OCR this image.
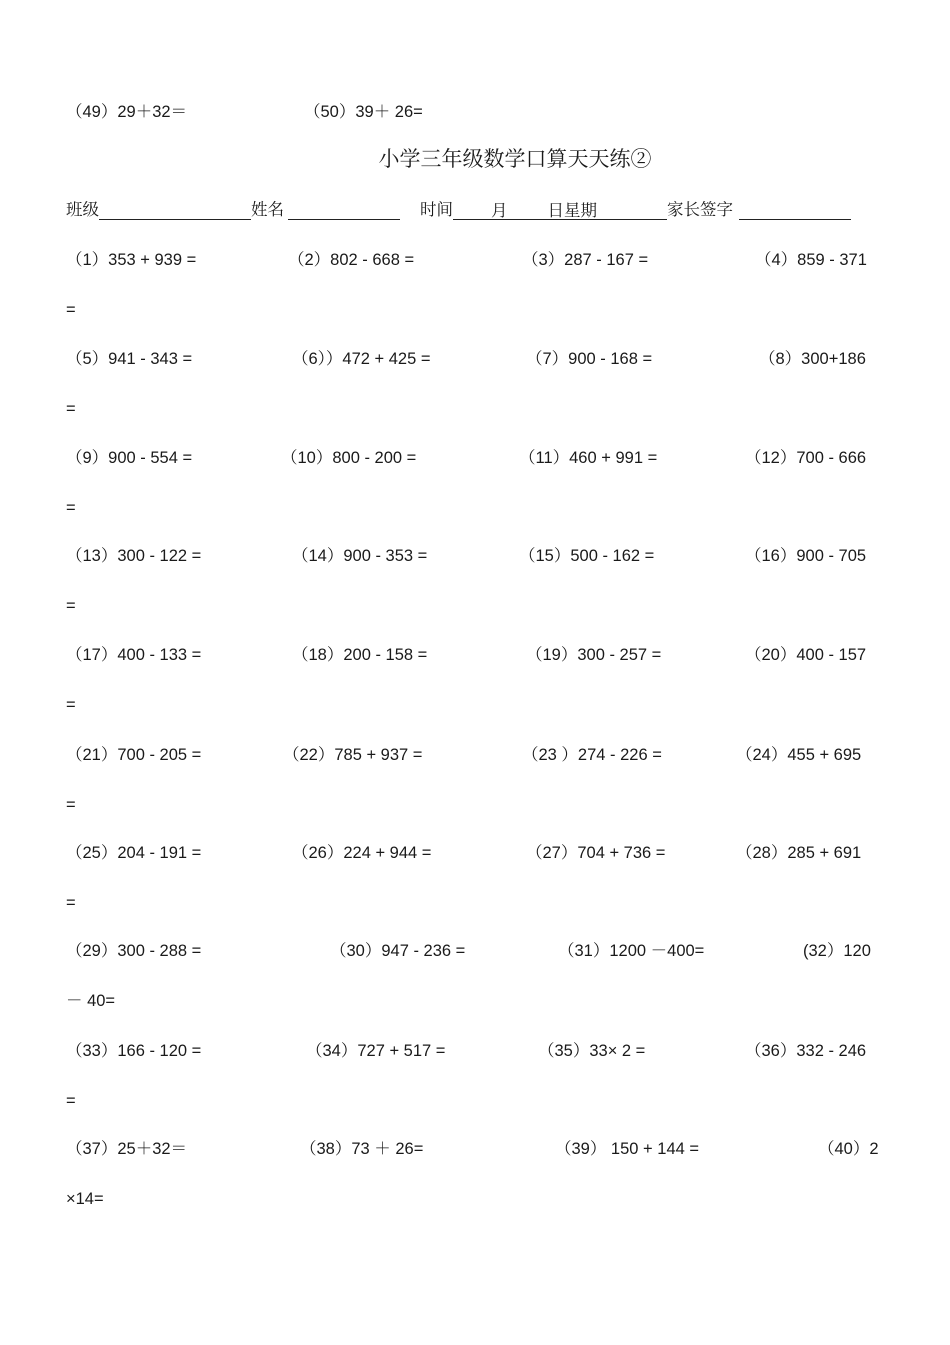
（49）29＋32＝	（50）39＋ 26=
小学三年级数学口算天天练②
班级	姓名	时间 月 日星期	家长签字
（1）353 + 939 =	（2）802 - 668 =	（3）287 - 167 =	（4）859 - 371
=
（5）941 - 343 =	（6））472 + 425 =	（7）900 - 168 =	（8）300+186
=
（9）900 - 554 =	（10）800 - 200 =	（11）460 + 991 =	（12）700 - 666
=
（13）300 - 122 =	（14）900 - 353 =	（15）500 - 162 =	（16）900 - 705
=
（17）400 - 133 =	（18）200 - 158 =	（19）300 - 257 =	（20）400 - 157
=
（21）700 - 205 =	（22）785 + 937 =	（23 ）274 - 226 =	（24）455 + 695
=
（25）204 - 191 =	（26）224 + 944 =	（27）704 + 736 =	（28）285 + 691
=
（29）300 - 288 =	（30）947 - 236 =	（31）1200 －400=	(32）120
－ 40=
（33）166 - 120 =	（34）727 + 517 =	（35）33× 2 =	（36）332 - 246
=
（37）25＋32＝	（38）73 ＋ 26=	（39） 150 + 144 =	（40）2
×14=
